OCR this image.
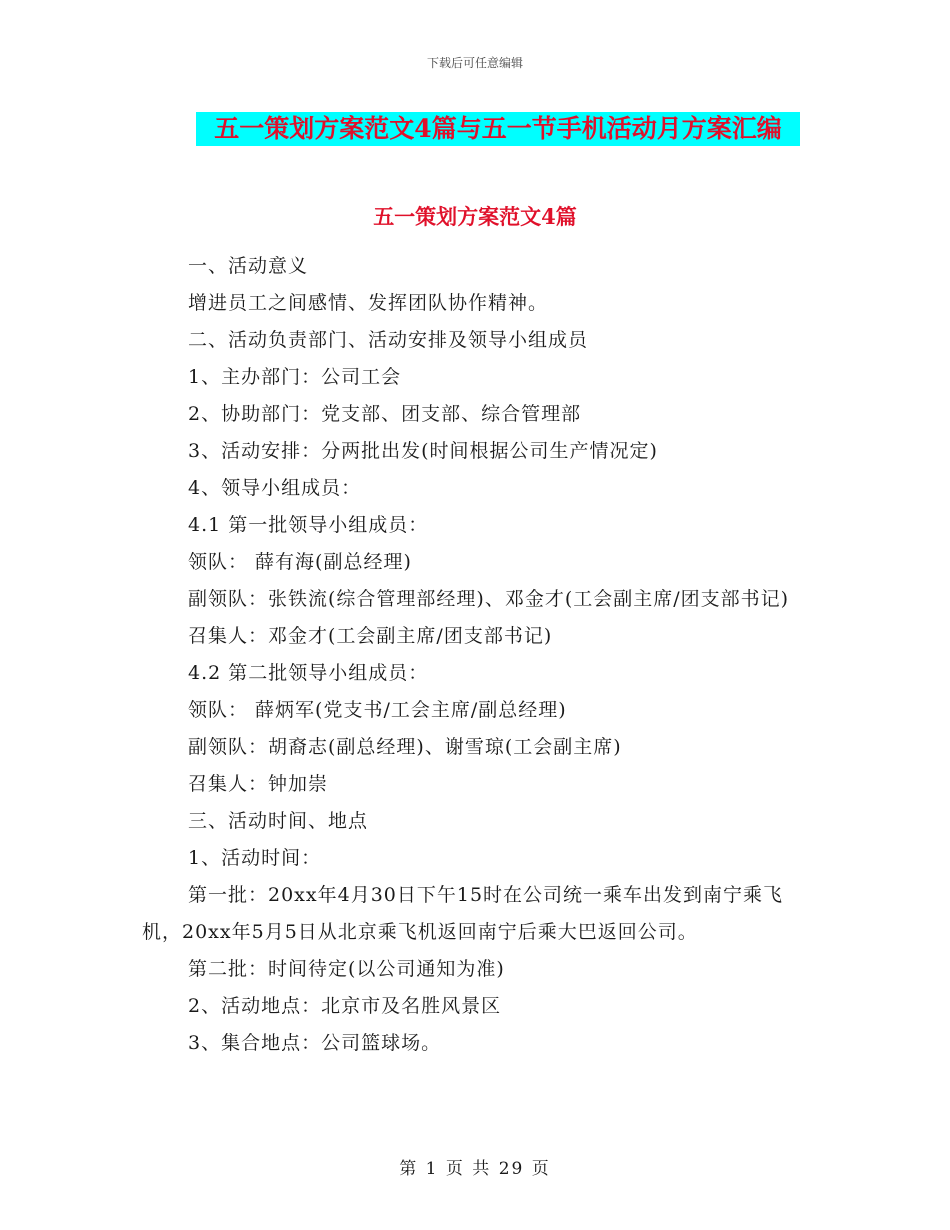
下载后可任意编辑
五一策划方案范文4篇与五一节手机活动月方案汇编
五一策划方案范文4篇

一、活动意义

增进员工之间感情、发挥团队协作精神。

二、活动负责部门、活动安排及领导小组成员

1、主办部门：公司工会

2、协助部门：党支部、团支部、综合管理部

3、活动安排：分两批出发(时间根据公司生产情况定)

4、领导小组成员：

4.1 第一批领导小组成员：

领队： 薛有海(副总经理)

副领队：张铁流(综合管理部经理)、邓金才(工会副主席/团支部书记)

召集人：邓金才(工会副主席/团支部书记)

4.2 第二批领导小组成员：

领队： 薛炳军(党支书/工会主席/副总经理)

副领队：胡裔志(副总经理)、谢雪琼(工会副主席)

召集人：钟加崇

三、活动时间、地点

1、活动时间：

第一批：20xx年4月30日下午15时在公司统一乘车出发到南宁乘飞机，20xx年5月5日从北京乘飞机返回南宁后乘大巴返回公司。

第二批：时间待定(以公司通知为准)

2、活动地点：北京市及名胜风景区

3、集合地点：公司篮球场。

第 1 页 共 29 页
